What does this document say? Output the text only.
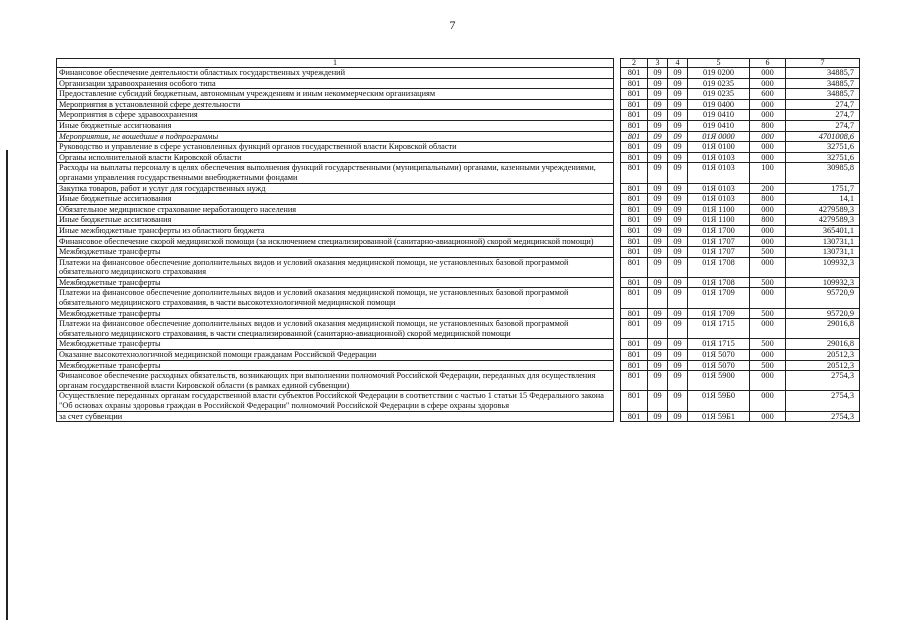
7
1		2	3	4	5	6	7
Финансовое обеспечение деятельности областных государственных учреждений		801	09	09	019 0200	000	34885,7
Организации здравоохранения особого типа		801	09	09	019 0235	000	34885,7
Предоставление субсидий бюджетным, автономным учреждениям и иным некоммерческим организациям		801	09	09	019 0235	600	34885,7
Мероприятия в установленной сфере деятельности		801	09	09	019 0400	000	274,7
Мероприятия в сфере здравоохранения		801	09	09	019 0410	000	274,7
Иные бюджетные ассигнования		801	09	09	019 0410	800	274,7
Мероприятия, не вошедшие в подпрограммы		801	09	09	01Я 0000	000	4701008,6
Руководство и управление в сфере установленных функций органов государственной власти Кировской области		801	09	09	01Я 0100	000	32751,6
Органы исполнительной власти Кировской области		801	09	09	01Я 0103	000	32751,6
Расходы на выплаты персоналу в целях обеспечения выполнения функций государственными (муниципальными) органами, казенными учреждениями, органами управления государственными внебюджетными фондами		801	09	09	01Я 0103	100	30985,8
Закупка товаров, работ и услуг для государственных нужд		801	09	09	01Я 0103	200	1751,7
Иные бюджетные ассигнования		801	09	09	01Я 0103	800	14,1
Обязательное медицинское страхование неработающего населения		801	09	09	01Я 1100	000	4279589,3
Иные бюджетные ассигнования		801	09	09	01Я 1100	800	4279589,3
Иные межбюджетные трансферты из областного бюджета		801	09	09	01Я 1700	000	365401,1
Финансовое обеспечение скорой медицинской помощи (за исключением специализированной (санитарно-авиационной) скорой медицинской помощи)		801	09	09	01Я 1707	000	130731,1
Межбюджетные трансферты		801	09	09	01Я 1707	500	130731,1
Платежи на финансовое обеспечение дополнительных видов и условий оказания медицинской помощи, не установленных базовой программой обязательного медицинского страхования		801	09	09	01Я 1708	000	109932,3
Межбюджетные трансферты		801	09	09	01Я 1708	500	109932,3
Платежи на финансовое обеспечение дополнительных видов и условий оказания медицинской помощи, не установленных базовой программой обязательного медицинского страхования, в части высокотехнологичной медицинской помощи		801	09	09	01Я 1709	000	95720,9
Межбюджетные трансферты		801	09	09	01Я 1709	500	95720,9
Платежи на финансовое обеспечение дополнительных видов и условий оказания медицинской помощи, не установленных базовой программой обязательного медицинского страхования, в части специализированной (санитарно-авиационной) скорой медицинской помощи		801	09	09	01Я 1715	000	29016,8
Межбюджетные трансферты		801	09	09	01Я 1715	500	29016,8
Оказание высокотехнологичной медицинской помощи гражданам Российской Федерации		801	09	09	01Я 5070	000	20512,3
Межбюджетные трансферты		801	09	09	01Я 5070	500	20512,3
Финансовое обеспечение расходных обязательств, возникающих при выполнении полномочий Российской Федерации, переданных для осуществления органам государственной власти Кировской области (в рамках единой субвенции)		801	09	09	01Я 5900	000	2754,3
Осуществление переданных органам государственной власти субъектов Российской Федерации в соответствии с частью 1 статьи 15 Федерального закона "Об основах охраны здоровья граждан в Российской Федерации" полномочий Российской Федерации в сфере охраны здоровья		801	09	09	01Я 59Б0	000	2754,3
за счет субвенции		801	09	09	01Я 59Б1	000	2754,3
